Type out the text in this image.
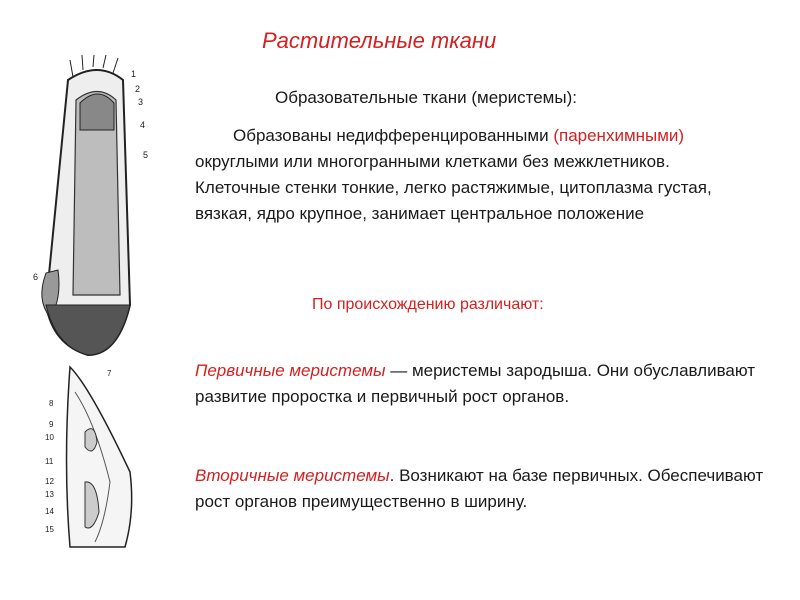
Растительные ткани
Образовательные ткани (меристемы):
Образованы недифференцированными (паренхимными) округлыми или многогранными клетками без межклетников. Клеточные стенки тонкие, легко растяжимые, цитоплазма густая, вязкая, ядро крупное, занимает центральное положение
По происхождению различают:
Первичные меристемы — меристемы зародыша. Они обуславливают развитие проростка и первичный рост органов.
Вторичные меристемы. Возникают на базе первичных. Обеспечивают рост органов преимущественно в ширину.
1
2
3
4
5
6
7
8
9
10
11
12
13
14
15
